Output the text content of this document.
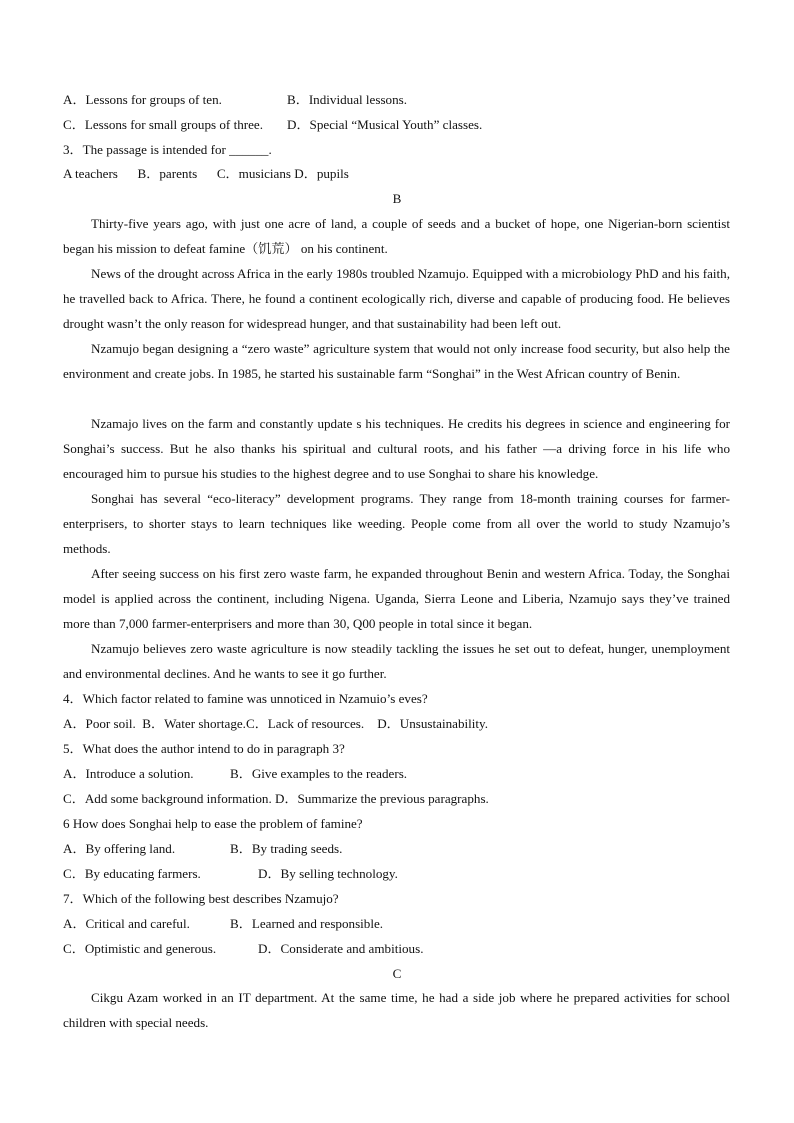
A．Lessons for groups of ten.	B．Individual lessons.
C．Lessons for small groups of three. D．Special “Musical Youth” classes.
3．The passage is intended for ______.
A teachers      B．parents      C．musicians D．pupils
B
Thirty-five years ago, with just one acre of land, a couple of seeds and a bucket of hope, one Nigerian-born scientist began his mission to defeat famine（饥荒） on his continent.
News of the drought across Africa in the early 1980s troubled Nzamujo. Equipped with a microbiology PhD and his faith, he travelled back to Africa. There, he found a continent ecologically rich, diverse and capable of producing food. He believes drought wasn’t the only reason for widespread hunger, and that sustainability had been left out.
Nzamujo began designing a “zero waste” agriculture system that would not only increase food security, but also help the environment and create jobs. In 1985, he started his sustainable farm “Songhai” in the West African country of Benin.
Nzamajo lives on the farm and constantly update s his techniques. He credits his degrees in science and engineering for Songhai’s success. But he also thanks his spiritual and cultural roots, and his father —a driving force in his life who encouraged him to pursue his studies to the highest degree and to use Songhai to share his knowledge.
Songhai has several “eco-literacy” development programs. They range from 18-month training courses for farmer-enterprisers, to shorter stays to learn techniques like weeding. People come from all over the world to study Nzamujo’s methods.
After seeing success on his first zero waste farm, he expanded throughout Benin and western Africa. Today, the Songhai model is applied across the continent, including Nigena. Uganda, Sierra Leone and Liberia, Nzamujo says they’ve trained more than 7,000 farmer-enterprisers and more than 30, Q00 people in total since it began.
Nzamujo believes zero waste agriculture is now steadily tackling the issues he set out to defeat, hunger, unemployment and environmental declines. And he wants to see it go further.
4．Which factor related to famine was unnoticed in Nzamuio’s eves?
A．Poor soil.  B．Water shortage.C．Lack of resources.    D．Unsustainability.
5．What does the author intend to do in paragraph 3?
A．Introduce a solution.	B．Give examples to the readers.
C．Add some background information. D．Summarize the previous paragraphs.
6 How does Songhai help to ease the problem of famine?
A．By offering land.	B．By trading seeds.
C．By educating farmers.	D．By selling technology.
7．Which of the following best describes Nzamujo?
A．Critical and careful.	B．Learned and responsible.
C．Optimistic and generous.	D．Considerate and ambitious.
C
Cikgu Azam worked in an IT department. At the same time, he had a side job where he prepared activities for school children with special needs.
